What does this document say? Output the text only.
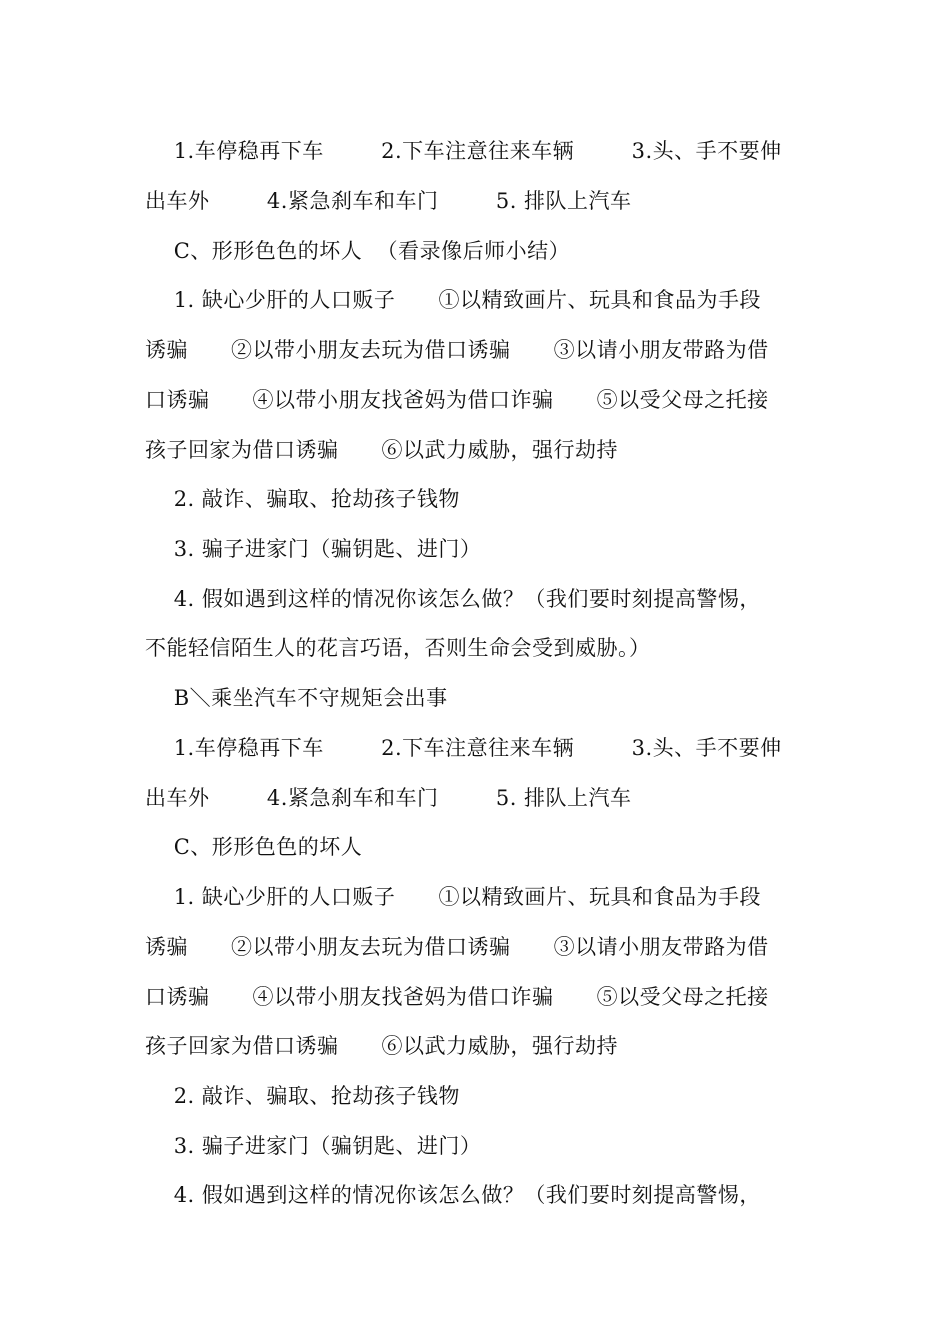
1.车停稳再下车        2.下车注意往来车辆        3.头、手不要伸
出车外        4.紧急刹车和车门        5. 排队上汽车
C、形形色色的坏人  （看录像后师小结）
1. 缺心少肝的人口贩子      ①以精致画片、玩具和食品为手段
诱骗      ②以带小朋友去玩为借口诱骗      ③以请小朋友带路为借
口诱骗      ④以带小朋友找爸妈为借口诈骗      ⑤以受父母之托接
孩子回家为借口诱骗      ⑥以武力威胁，强行劫持
2. 敲诈、骗取、抢劫孩子钱物
3. 骗子进家门（骗钥匙、进门）
4. 假如遇到这样的情况你该怎么做？（我们要时刻提高警惕，
不能轻信陌生人的花言巧语，否则生命会受到威胁。）
B＼乘坐汽车不守规矩会出事
1.车停稳再下车        2.下车注意往来车辆        3.头、手不要伸
出车外        4.紧急刹车和车门        5. 排队上汽车
C、形形色色的坏人
1. 缺心少肝的人口贩子      ①以精致画片、玩具和食品为手段
诱骗      ②以带小朋友去玩为借口诱骗      ③以请小朋友带路为借
口诱骗      ④以带小朋友找爸妈为借口诈骗      ⑤以受父母之托接
孩子回家为借口诱骗      ⑥以武力威胁，强行劫持
2. 敲诈、骗取、抢劫孩子钱物
3. 骗子进家门（骗钥匙、进门）
4. 假如遇到这样的情况你该怎么做？（我们要时刻提高警惕，
